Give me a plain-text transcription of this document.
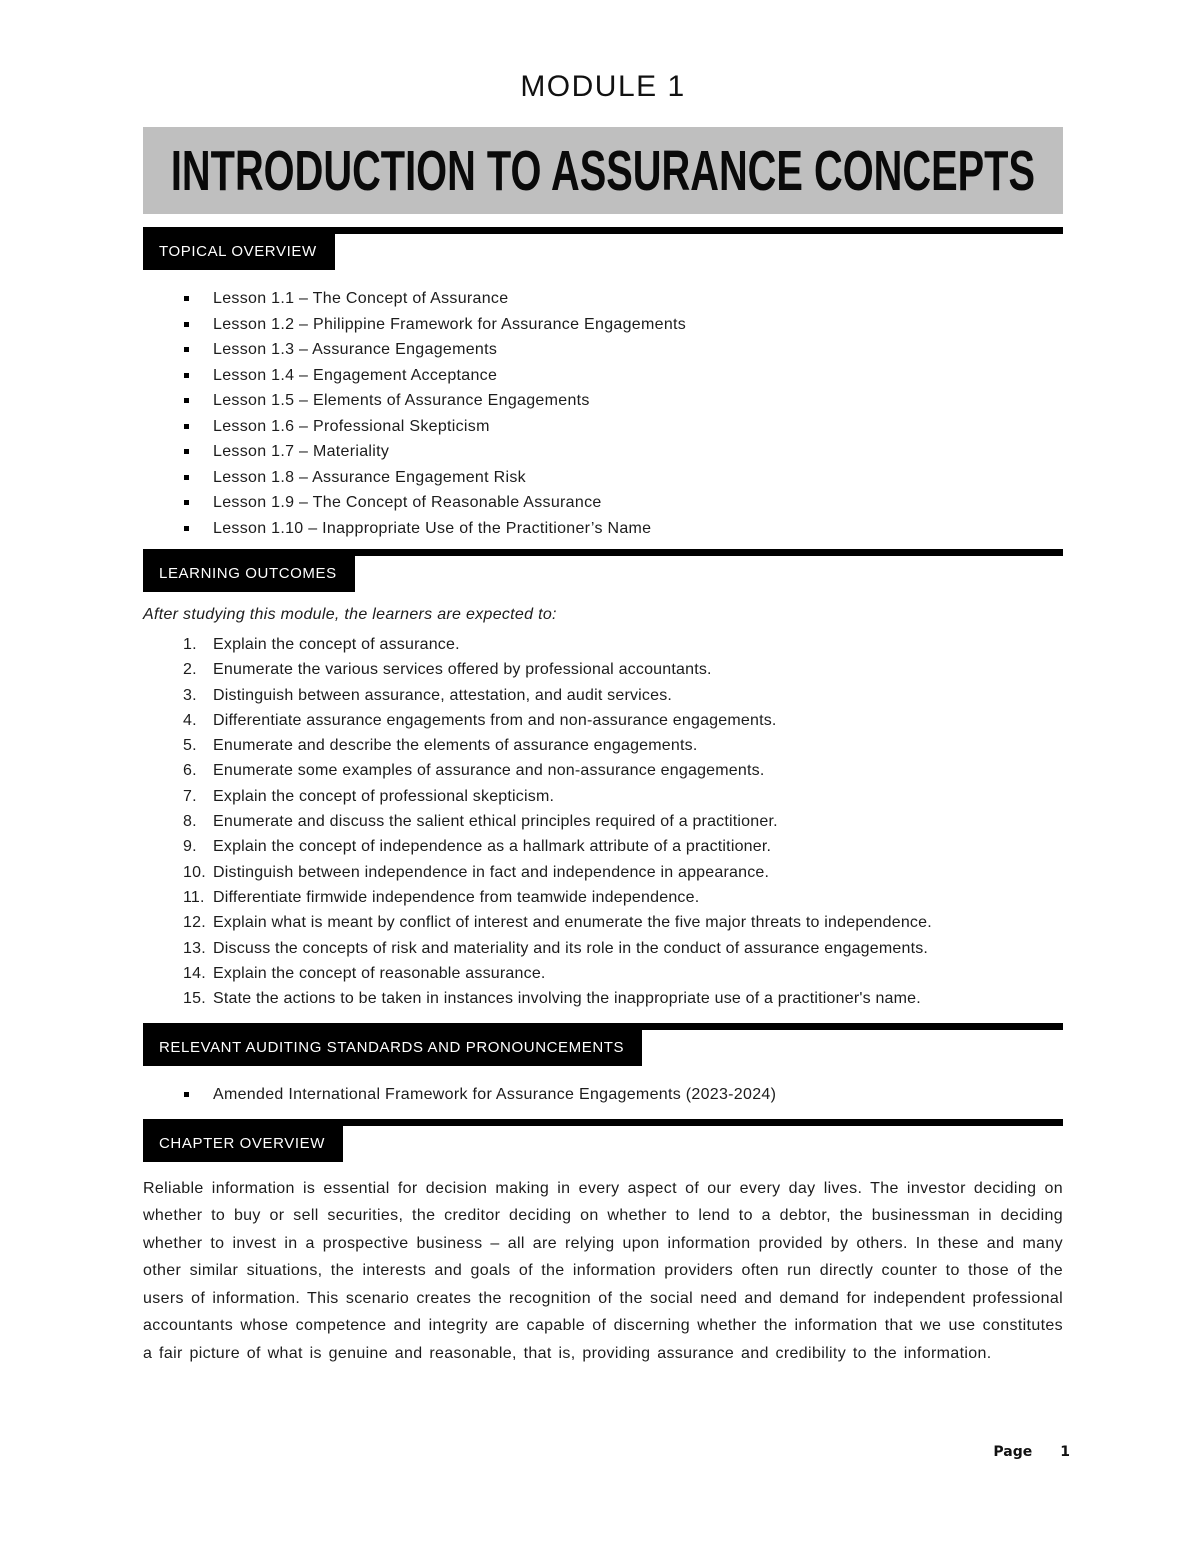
MODULE 1
INTRODUCTION TO ASSURANCE CONCEPTS
TOPICAL OVERVIEW
Lesson 1.1 – The Concept of Assurance
Lesson 1.2 – Philippine Framework for Assurance Engagements
Lesson 1.3 – Assurance Engagements
Lesson 1.4 – Engagement Acceptance
Lesson 1.5 – Elements of Assurance Engagements
Lesson 1.6 – Professional Skepticism
Lesson 1.7 – Materiality
Lesson 1.8 – Assurance Engagement Risk
Lesson 1.9 – The Concept of Reasonable Assurance
Lesson 1.10 – Inappropriate Use of the Practitioner’s Name
LEARNING OUTCOMES
After studying this module, the learners are expected to:
Explain the concept of assurance.
Enumerate the various services offered by professional accountants.
Distinguish between assurance, attestation, and audit services.
Differentiate assurance engagements from and non-assurance engagements.
Enumerate and describe the elements of assurance engagements.
Enumerate some examples of assurance and non-assurance engagements.
Explain the concept of professional skepticism.
Enumerate and discuss the salient ethical principles required of a practitioner.
Explain the concept of independence as a hallmark attribute of a practitioner.
Distinguish between independence in fact and independence in appearance.
Differentiate firmwide independence from teamwide independence.
Explain what is meant by conflict of interest and enumerate the five major threats to independence.
Discuss the concepts of risk and materiality and its role in the conduct of assurance engagements.
Explain the concept of reasonable assurance.
State the actions to be taken in instances involving the inappropriate use of a practitioner's name.
RELEVANT AUDITING STANDARDS AND PRONOUNCEMENTS
Amended International Framework for Assurance Engagements (2023-2024)
CHAPTER OVERVIEW
Reliable information is essential for decision making in every aspect of our every day lives. The investor deciding on whether to buy or sell securities, the creditor deciding on whether to lend to a debtor, the businessman in deciding whether to invest in a prospective business – all are relying upon information provided by others. In these and many other similar situations, the interests and goals of the information providers often run directly counter to those of the users of information. This scenario creates the recognition of the social need and demand for independent professional accountants whose competence and integrity are capable of discerning whether the information that we use constitutes a fair picture of what is genuine and reasonable, that is, providing assurance and credibility to the information.
Page 1
